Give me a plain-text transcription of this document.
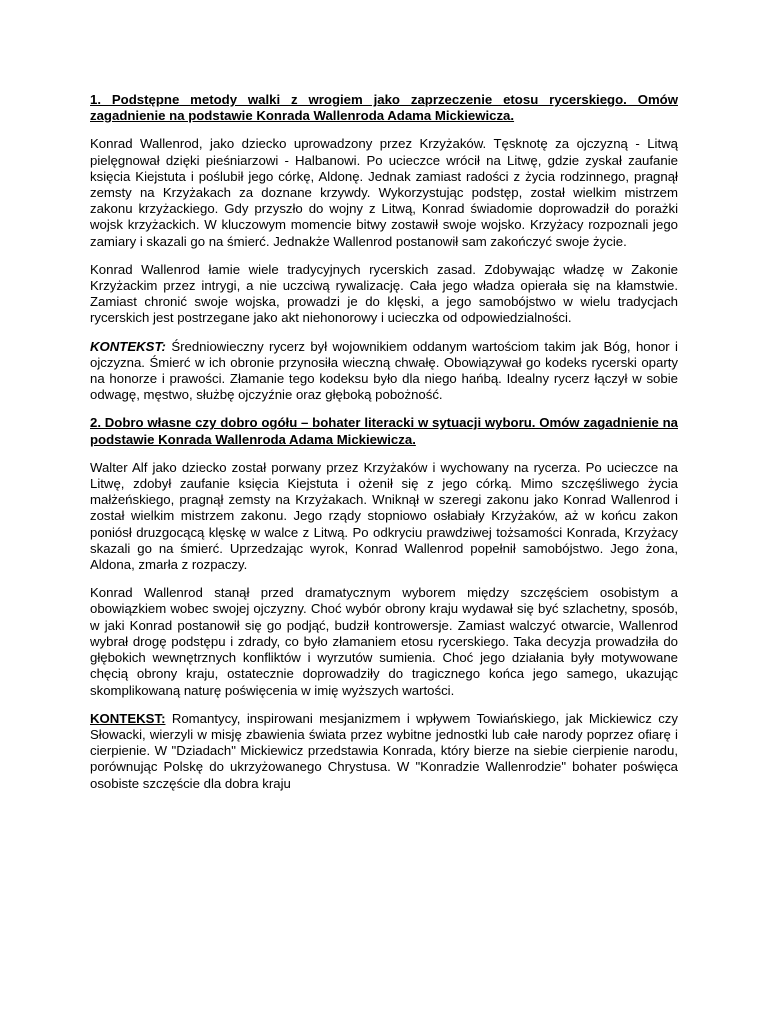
1. Podstępne metody walki z wrogiem jako zaprzeczenie etosu rycerskiego. Omów zagadnienie na podstawie Konrada Wallenroda Adama Mickiewicza.

Konrad Wallenrod, jako dziecko uprowadzony przez Krzyżaków. Tęsknotę za ojczyzną - Litwą pielęgnował dzięki pieśniarzowi - Halbanowi. Po ucieczce wrócił na Litwę, gdzie zyskał zaufanie księcia Kiejstuta i poślubił jego córkę, Aldonę. Jednak zamiast radości z życia rodzinnego, pragnął zemsty na Krzyżakach za doznane krzywdy. Wykorzystując podstęp, został wielkim mistrzem zakonu krzyżackiego. Gdy przyszło do wojny z Litwą, Konrad świadomie doprowadził do porażki wojsk krzyżackich. W kluczowym momencie bitwy zostawił swoje wojsko. Krzyżacy rozpoznali jego zamiary i skazali go na śmierć. Jednakże Wallenrod postanowił sam zakończyć swoje życie.

Konrad Wallenrod łamie wiele tradycyjnych rycerskich zasad. Zdobywając władzę w Zakonie Krzyżackim przez intrygi, a nie uczciwą rywalizację. Cała jego władza opierała się na kłamstwie. Zamiast chronić swoje wojska, prowadzi je do klęski, a jego samobójstwo w wielu tradycjach rycerskich jest postrzegane jako akt niehonorowy i ucieczka od odpowiedzialności.

KONTEKST: Średniowieczny rycerz był wojownikiem oddanym wartościom takim jak Bóg, honor i ojczyzna. Śmierć w ich obronie przynosiła wieczną chwałę. Obowiązywał go kodeks rycerski oparty na honorze i prawości. Złamanie tego kodeksu było dla niego hańbą. Idealny rycerz łączył w sobie odwagę, męstwo, służbę ojczyźnie oraz głęboką pobożność.

2. Dobro własne czy dobro ogółu – bohater literacki w sytuacji wyboru. Omów zagadnienie na podstawie Konrada Wallenroda Adama Mickiewicza.

Walter Alf jako dziecko został porwany przez Krzyżaków i wychowany na rycerza. Po ucieczce na Litwę, zdobył zaufanie księcia Kiejstuta i ożenił się z jego córką. Mimo szczęśliwego życia małżeńskiego, pragnął zemsty na Krzyżakach. Wniknął w szeregi zakonu jako Konrad Wallenrod i został wielkim mistrzem zakonu. Jego rządy stopniowo osłabiały Krzyżaków, aż w końcu zakon poniósł druzgocącą klęskę w walce z Litwą. Po odkryciu prawdziwej tożsamości Konrada, Krzyżacy skazali go na śmierć. Uprzedzając wyrok, Konrad Wallenrod popełnił samobójstwo. Jego żona, Aldona, zmarła z rozpaczy.

Konrad Wallenrod stanął przed dramatycznym wyborem między szczęściem osobistym a obowiązkiem wobec swojej ojczyzny. Choć wybór obrony kraju wydawał się być szlachetny, sposób, w jaki Konrad postanowił się go podjąć, budził kontrowersje. Zamiast walczyć otwarcie, Wallenrod wybrał drogę podstępu i zdrady, co było złamaniem etosu rycerskiego. Taka decyzja prowadziła do głębokich wewnętrznych konfliktów i wyrzutów sumienia. Choć jego działania były motywowane chęcią obrony kraju, ostatecznie doprowadziły do tragicznego końca jego samego, ukazując skomplikowaną naturę poświęcenia w imię wyższych wartości.

KONTEKST: Romantycy, inspirowani mesjanizmem i wpływem Towiańskiego, jak Mickiewicz czy Słowacki, wierzyli w misję zbawienia świata przez wybitne jednostki lub całe narody poprzez ofiarę i cierpienie. W "Dziadach" Mickiewicz przedstawia Konrada, który bierze na siebie cierpienie narodu, porównując Polskę do ukrzyżowanego Chrystusa. W "Konradzie Wallenrodzie" bohater poświęca osobiste szczęście dla dobra kraju
